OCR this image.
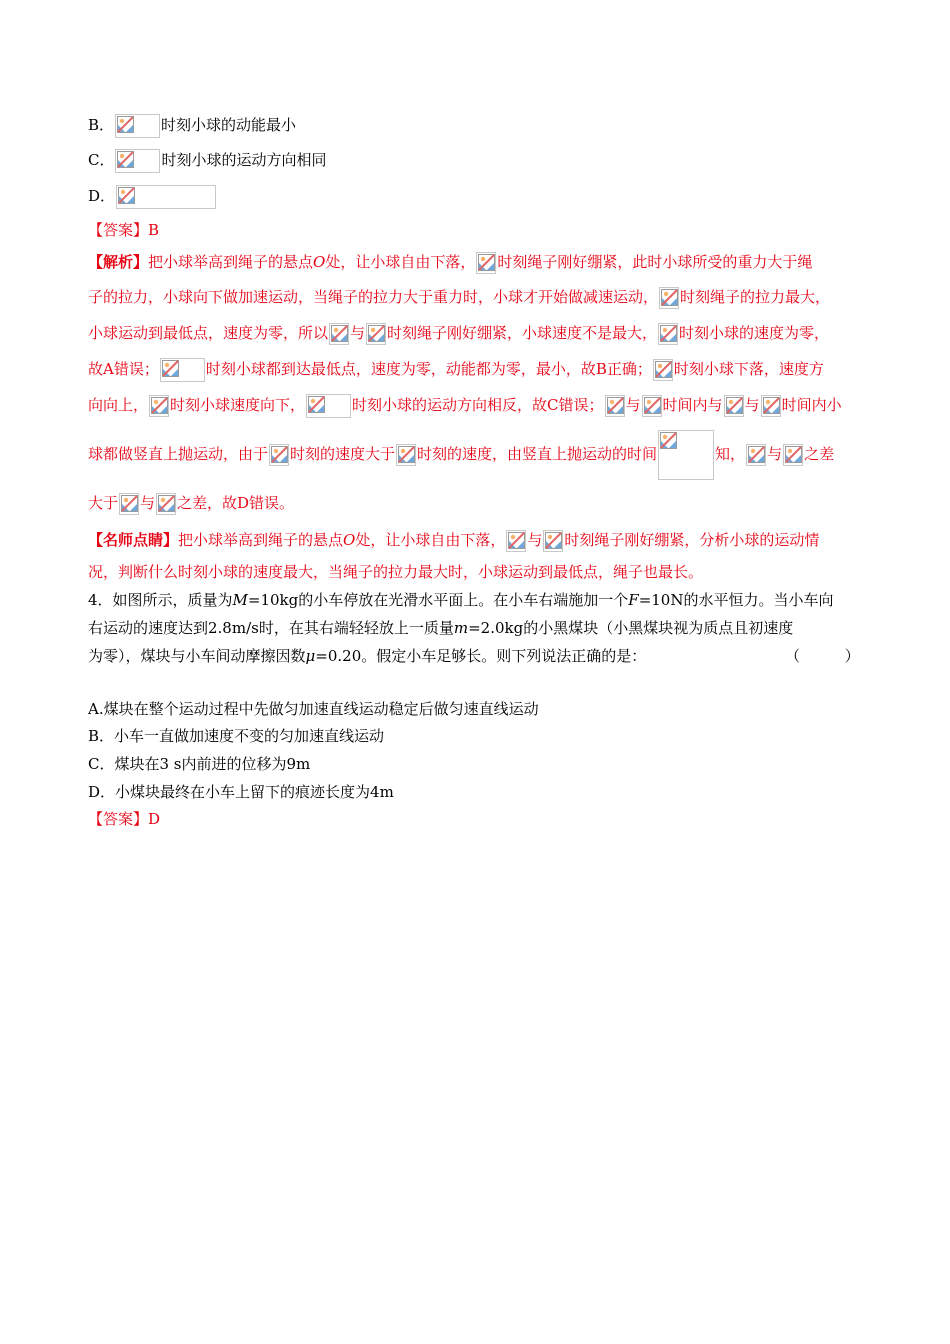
B．	时刻小球的动能最小
C．	时刻小球的运动方向相同
D．
【答案】B
【解析】把小球举高到绳子的悬点O处，让小球自由下落， 时刻绳子刚好绷紧，此时小球所受的重力大于绳
子的拉力，小球向下做加速运动，当绳子的拉力大于重力时，小球才开始做减速运动， 时刻绳子的拉力最大，
小球运动到最低点，速度为零，所以 与 时刻绳子刚好绷紧，小球速度不是最大， 时刻小球的速度为零，
故A错误；	时刻小球都到达最低点，速度为零，动能都为零，最小，故B正确； 时刻小球下落，速度方
向向上， 时刻小球速度向下，	时刻小球的运动方向相反，故C错误； 与 时间内与 与 时间内小
球都做竖直上抛运动，由于 时刻的速度大于 时刻的速度，由竖直上抛运动的时间	知， 与 之差
大于 与 之差，故D错误。
【名师点睛】把小球举高到绳子的悬点O处，让小球自由下落， 与 时刻绳子刚好绷紧，分析小球的运动情
况，判断什么时刻小球的速度最大，当绳子的拉力最大时，小球运动到最低点，绳子也最长。
4．如图所示，质量为M=10kg的小车停放在光滑水平面上。在小车右端施加一个F=10N的水平恒力。当小车向
右运动的速度达到2.8m/s时，在其右端轻轻放上一质量m=2.0kg的小黑煤块（小黑煤块视为质点且初速度
为零），煤块与小车间动摩擦因数μ=0.20。假定小车足够长。则下列说法正确的是：	（ ）
A.煤块在整个运动过程中先做匀加速直线运动稳定后做匀速直线运动
B．小车一直做加速度不变的匀加速直线运动
C．煤块在3 s内前进的位移为9m
D．小煤块最终在小车上留下的痕迹长度为4m
【答案】D
